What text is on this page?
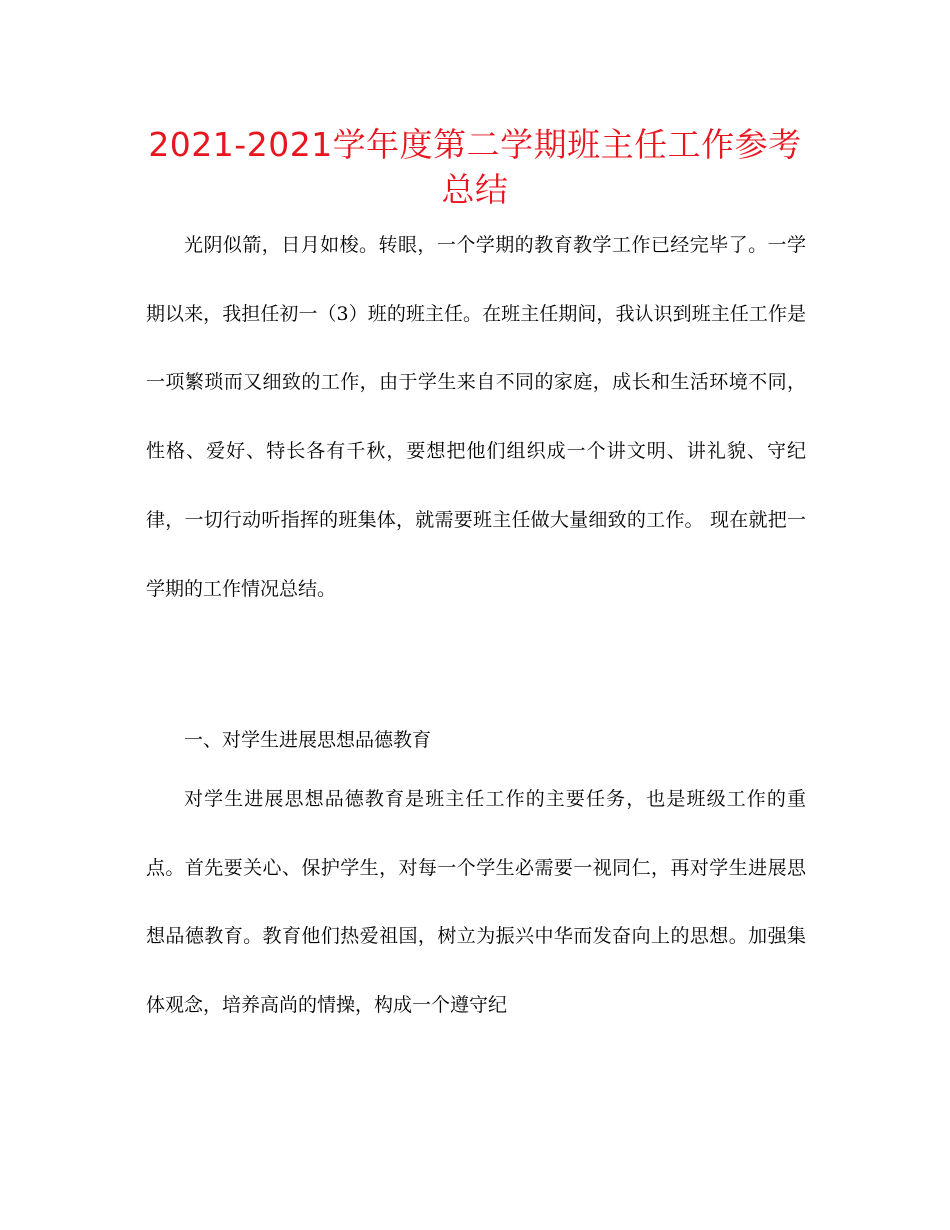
2021-2021学年度第二学期班主任工作参考总结

光阴似箭，日月如梭。转眼，一个学期的教育教学工作已经完毕了。一学期以来，我担任初一（3）班的班主任。在班主任期间，我认识到班主任工作是一项繁琐而又细致的工作，由于学生来自不同的家庭，成长和生活环境不同，性格、爱好、特长各有千秋，要想把他们组织成一个讲文明、讲礼貌、守纪律，一切行动听指挥的班集体，就需要班主任做大量细致的工作。 现在就把一学期的工作情况总结。

一、对学生进展思想品德教育

对学生进展思想品德教育是班主任工作的主要任务，也是班级工作的重点。首先要关心、保护学生，对每一个学生必需要一视同仁，再对学生进展思想品德教育。教育他们热爱祖国，树立为振兴中华而发奋向上的思想。加强集体观念，培养高尚的情操，构成一个遵守纪
